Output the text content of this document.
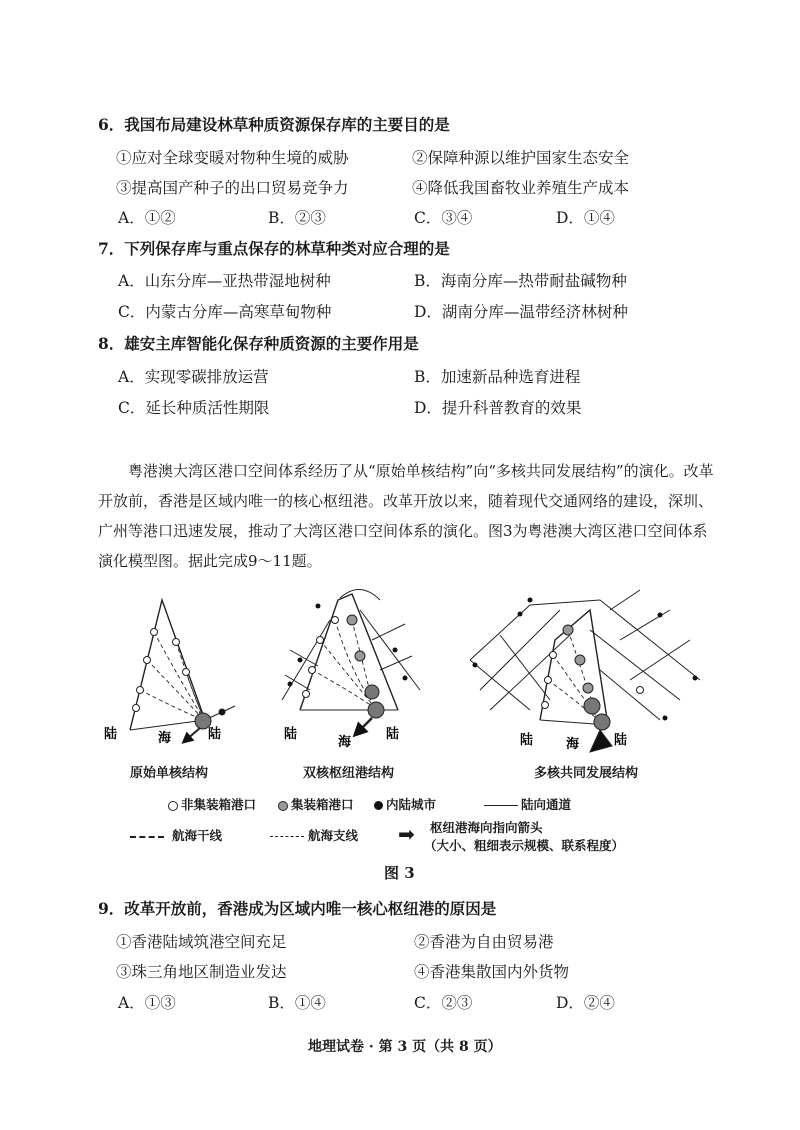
6．我国布局建设林草种质资源保存库的主要目的是
①应对全球变暖对物种生境的威胁	②保障种源以维护国家生态安全
③提高国产种子的出口贸易竞争力	④降低我国畜牧业养殖生产成本
A．①②	B．②③	C．③④	D．①④
7．下列保存库与重点保存的林草种类对应合理的是
A．山东分库—亚热带湿地树种	B．海南分库—热带耐盐碱物种
C．内蒙古分库—高寒草甸物种	D．湖南分库—温带经济林树种
8．雄安主库智能化保存种质资源的主要作用是
A．实现零碳排放运营	B．加速新品种选育进程
C．延长种质活性期限	D．提升科普教育的效果
粤港澳大湾区港口空间体系经历了从“原始单核结构”向“多核共同发展结构”的演化。改革开放前，香港是区域内唯一的核心枢纽港。改革开放以来，随着现代交通网络的建设，深圳、广州等港口迅速发展，推动了大湾区港口空间体系的演化。图3为粤港澳大湾区港口空间体系演化模型图。据此完成9～11题。
陆	海	陆	陆
海
陆	陆	海	陆
原始单核结构	双核枢纽港结构	多核共同发展结构
非集装箱港口	集装箱港口	内陆城市	陆向通道
航海干线	航海支线 ➡ 枢纽港海向指向箭头
（大小、粗细表示规模、联系程度）
图 3
9．改革开放前，香港成为区域内唯一核心枢纽港的原因是
①香港陆域筑港空间充足	②香港为自由贸易港
③珠三角地区制造业发达	④香港集散国内外货物
A．①③	B．①④	C．②③	D．②④
地理试卷 · 第 3 页（共 8 页）
